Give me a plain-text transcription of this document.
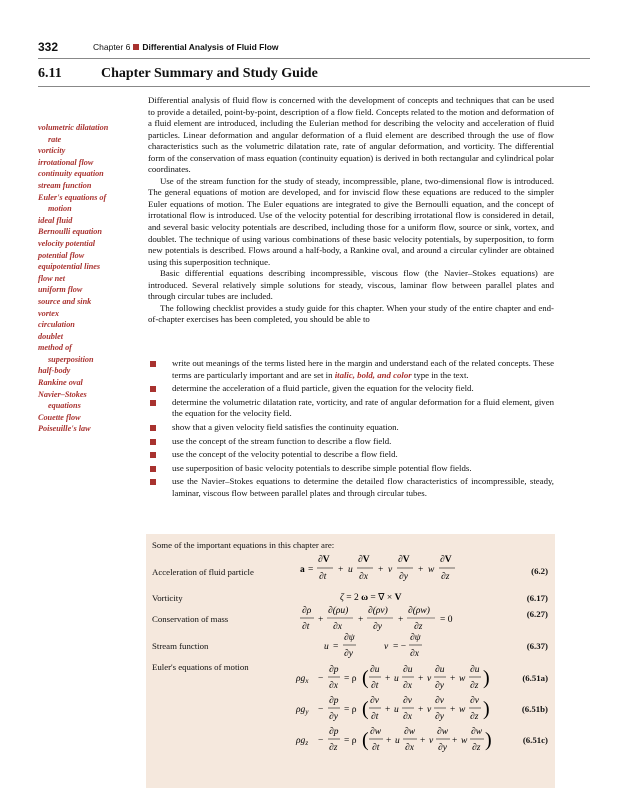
332	Chapter 6 Differential Analysis of Fluid Flow
6.11	Chapter Summary and Study Guide

Differential analysis of fluid flow is concerned with the development of concepts and techniques that can be used to provide a detailed, point-by-point, description of a flow field. Concepts related to the motion and deformation of a fluid element are introduced, including the Eulerian method for describing the velocity and acceleration of fluid particles. Linear deformation and angular deformation of a fluid element are described through the use of flow characteristics such as the volumetric dilatation rate, rate of angular deformation, and vorticity. The differential form of the conservation of mass equation (continuity equation) is derived in both rectangular and cylindrical polar coordinates.

Use of the stream function for the study of steady, incompressible, plane, two-dimensional flow is introduced. The general equations of motion are developed, and for inviscid flow these equations are reduced to the simpler Euler equations of motion. The Euler equations are integrated to give the Bernoulli equation, and the concept of irrotational flow is introduced. Use of the velocity potential for describing irrotational flow is considered in detail, and several basic velocity potentials are described, including those for a uniform flow, source or sink, vortex, and doublet. The technique of using various combinations of these basic velocity potentials, by superposition, to form new potentials is described. Flows around a half-body, a Rankine oval, and around a circular cylinder are obtained using this superposition technique.

Basic differential equations describing incompressible, viscous flow (the Navier–Stokes equations) are introduced. Several relatively simple solutions for steady, viscous, laminar flow between parallel plates and through circular tubes are included.

The following checklist provides a study guide for this chapter. When your study of the entire chapter and end-of-chapter exercises has been completed, you should be able to

volumetric dilatation
rate
vorticity
irrotational flow
continuity equation
stream function
Euler's equations of
motion
ideal fluid
Bernoulli equation
velocity potential
potential flow
equipotential lines
flow net
uniform flow
source and sink
vortex
circulation
doublet
method of
superposition
half-body
Rankine oval
Navier–Stokes
equations
Couette flow
Poiseuille's law
write out meanings of the terms listed here in the margin and understand each of the related concepts. These terms are particularly important and are set in italic, bold, and color type in the text.
determine the acceleration of a fluid particle, given the equation for the velocity field.
determine the volumetric dilatation rate, vorticity, and rate of angular deformation for a fluid element, given the equation for the velocity field.
show that a given velocity field satisfies the continuity equation.
use the concept of the stream function to describe a flow field.
use the concept of the velocity potential to describe a flow field.
use superposition of basic velocity potentials to describe simple potential flow fields.
use the Navier–Stokes equations to determine the detailed flow characteristics of incompressible, steady, laminar, viscous flow between parallel plates and through circular tubes.
Some of the important equations in this chapter are:
Acceleration of fluid particle	(6.2)
Vorticity	(6.17)
Conservation of mass	(6.27)
Stream function	(6.37)
Euler's equations of motion
(6.51a)
(6.51b)
(6.51c)
a =
∂V
∂t
+ u
∂V
∂x
+ v
∂V
∂y
+ w
∂V
∂z
ζ = 2 ω = ∇ × V
∂ρ
∂t
+
∂(ρu)
∂x
+
∂(ρv)
∂y
+
∂(ρw)
∂z
= 0
u =
∂ψ
∂y
v = −
∂ψ
∂x
$\rho g_x$ −
∂p
∂x
= ρ ( ∂u
∂t
+ u
∂u
∂x
+ v
∂u
∂y
+ w
∂u
∂z )
$\rho g_y$ −
∂p
∂y
= ρ ( ∂v
∂t
+ u
∂v
∂x
+ v
∂v
∂y
+ w
∂v
∂z )
$\rho g_z$ −
∂p
∂z
= ρ ( ∂w
∂t
+ u
∂w
∂x
+ v
∂w
∂y
+ w
∂w
∂z )
